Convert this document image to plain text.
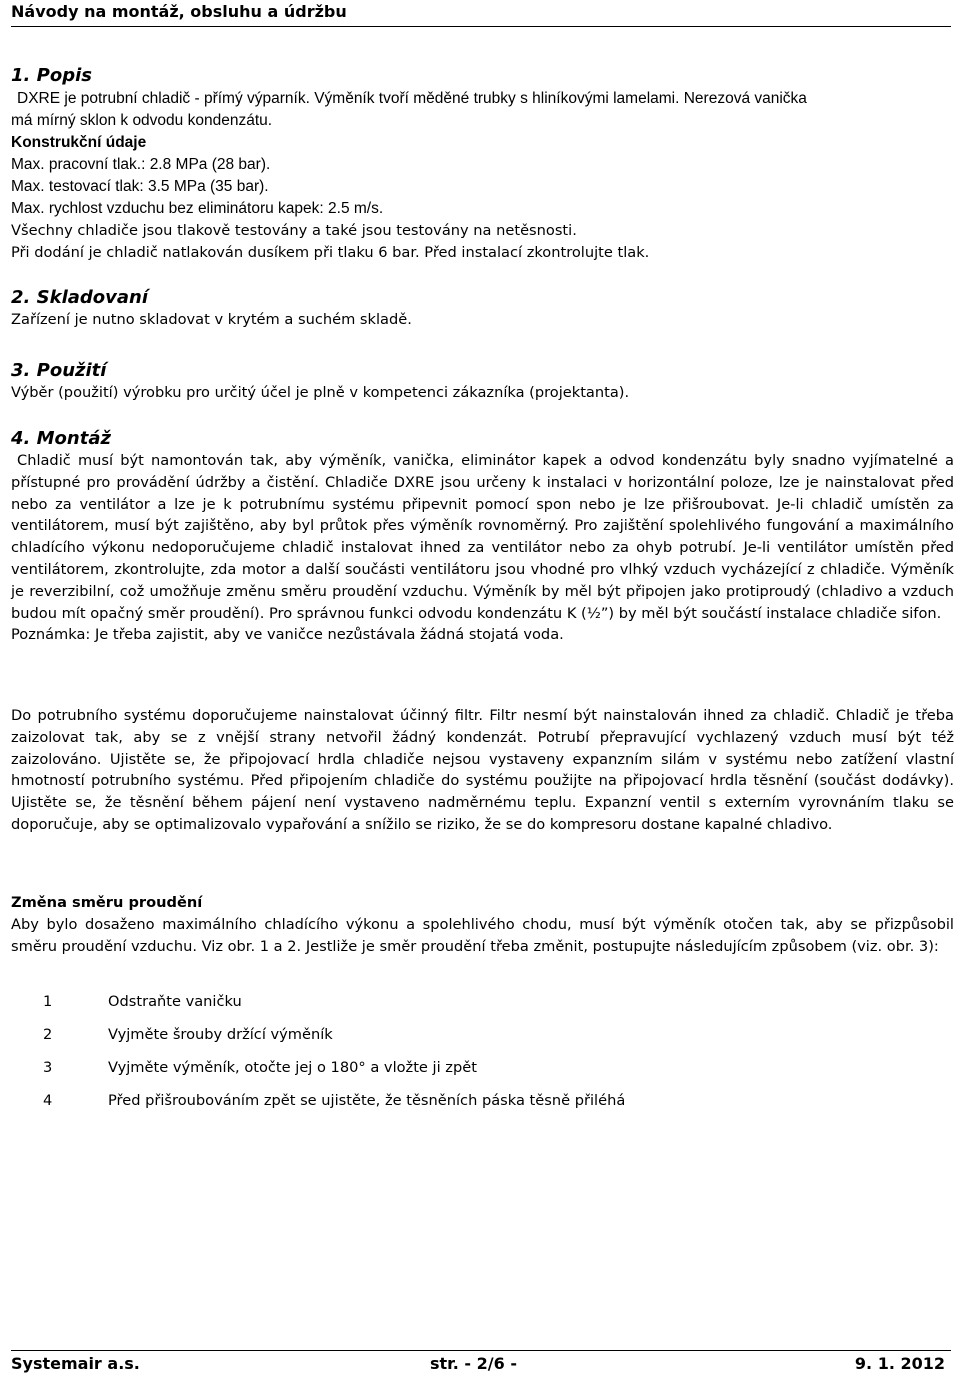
Návody na montáž, obsluhu a údržbu
1. Popis
DXRE je potrubní chladič - přímý výparník. Výměník tvoří měděné trubky s hliníkovými lamelami. Nerezová vanička
má mírný sklon k odvodu kondenzátu.
Konstrukční údaje
Max. pracovní tlak.: 2.8 MPa (28 bar).
Max. testovací tlak: 3.5 MPa (35 bar).
Max. rychlost vzduchu bez eliminátoru kapek: 2.5 m/s.
Všechny chladiče jsou tlakově testovány a také jsou testovány na netěsnosti.
Při dodání je chladič natlakován dusíkem při tlaku 6 bar. Před instalací zkontrolujte tlak.
2. Skladovaní
Zařízení je nutno skladovat v krytém a suchém skladě.
3. Použití
Výběr (použití) výrobku pro určitý účel je plně v kompetenci zákazníka (projektanta).
4. Montáž
Chladič musí být namontován tak, aby výměník, vanička, eliminátor kapek a odvod kondenzátu byly snadno vyjímatelné a přístupné pro provádění údržby a čistění. Chladiče DXRE jsou určeny k instalaci v horizontální poloze, lze je nainstalovat před nebo za ventilátor a lze je k potrubnímu systému připevnit pomocí spon nebo je lze přišroubovat. Je-li chladič umístěn za ventilátorem, musí být zajištěno, aby byl průtok přes výměník rovnoměrný. Pro zajištění spolehlivého fungování a maximálního chladícího výkonu nedoporučujeme chladič instalovat ihned za ventilátor nebo za ohyb potrubí. Je-li ventilátor umístěn před ventilátorem, zkontrolujte, zda motor a další součásti ventilátoru jsou vhodné pro vlhký vzduch vycházející z chladiče. Výměník je reverzibilní, což umožňuje změnu směru proudění vzduchu. Výměník by měl být připojen jako protiproudý (chladivo a vzduch budou mít opačný směr proudění). Pro správnou funkci odvodu kondenzátu K (½”) by měl být součástí instalace chladiče sifon.
Poznámka: Je třeba zajistit, aby ve vaničce nezůstávala žádná stojatá voda.
Do potrubního systému doporučujeme nainstalovat účinný filtr. Filtr nesmí být nainstalován ihned za chladič. Chladič je třeba zaizolovat tak, aby se z vnější strany netvořil žádný kondenzát. Potrubí přepravující vychlazený vzduch musí být též zaizolováno. Ujistěte se, že připojovací hrdla chladiče nejsou vystaveny expanzním silám v systému nebo zatížení vlastní hmotností potrubního systému. Před připojením chladiče do systému použijte na připojovací hrdla těsnění (součást dodávky). Ujistěte se, že těsnění během pájení není vystaveno nadměrnému teplu. Expanzní ventil s externím vyrovnáním tlaku se doporučuje, aby se optimalizovalo vypařování a snížilo se riziko, že se do kompresoru dostane kapalné chladivo.
Změna směru proudění
Aby bylo dosaženo maximálního chladícího výkonu a spolehlivého chodu, musí být výměník otočen tak, aby se přizpůsobil směru proudění vzduchu. Viz obr. 1 a 2. Jestliže je směr proudění třeba změnit, postupujte následujícím způsobem (viz. obr. 3):
1	Odstraňte vaničku
2	Vyjměte šrouby držící výměník
3	Vyjměte výměník, otočte jej o 180° a vložte ji zpět
4	Před přišroubováním zpět se ujistěte, že těsněních páska těsně přiléhá
Systemair a.s.	str. - 2/6 -	9. 1. 2012
